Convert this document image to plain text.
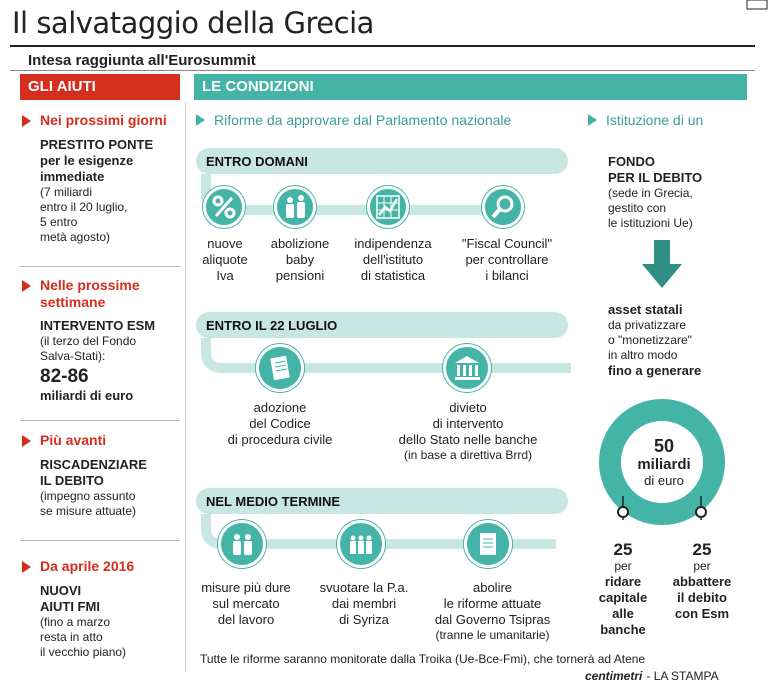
Il salvataggio della Grecia
Intesa raggiunta all'Eurosummit
GLI AIUTI	LE CONDIZIONI
Nei prossimi giorni
PRESTITO PONTE
per le esigenze
immediate
(7 miliardi
entro il 20 luglio,
5 entro
metà agosto)
Nelle prossime
settimane
INTERVENTO ESM
(il terzo del Fondo
Salva-Stati):
82-86
miliardi di euro
Più avanti
RISCADENZIARE
IL DEBITO
(impegno assunto
se misure attuate)
Da aprile 2016
NUOVI
AIUTI FMI
(fino a marzo
resta in atto
il vecchio piano)
Riforme da approvare dal Parlamento nazionale	Istituzione di un
ENTRO DOMANI
nuove
aliquote
Iva
abolizione
baby
pensioni
indipendenza
dell'istituto
di statistica
"Fiscal Council"
per controllare
i bilanci
ENTRO IL 22 LUGLIO
adozione
del Codice
di procedura civile
divieto
di intervento
dello Stato nelle banche
(in base a direttiva Brrd)
NEL MEDIO TERMINE
misure più dure
sul mercato
del lavoro
svuotare la P.a.
dai membri
di Syriza
abolire
le riforme attuate
dal Governo Tsipras
(tranne le umanitarie)
FONDO
PER IL DEBITO
(sede in Grecia,
gestito con
le istituzioni Ue)
asset statali
da privatizzare
o "monetizzare"
in altro modo
fino a generare
50
miliardi
di euro
25
per
ridare
capitale
alle
banche
25
per
abbattere
il debito
con Esm
Tutte le riforme saranno monitorate dalla Troika (Ue-Bce-Fmi), che tornerà ad Atene
centimetri - LA STAMPA
